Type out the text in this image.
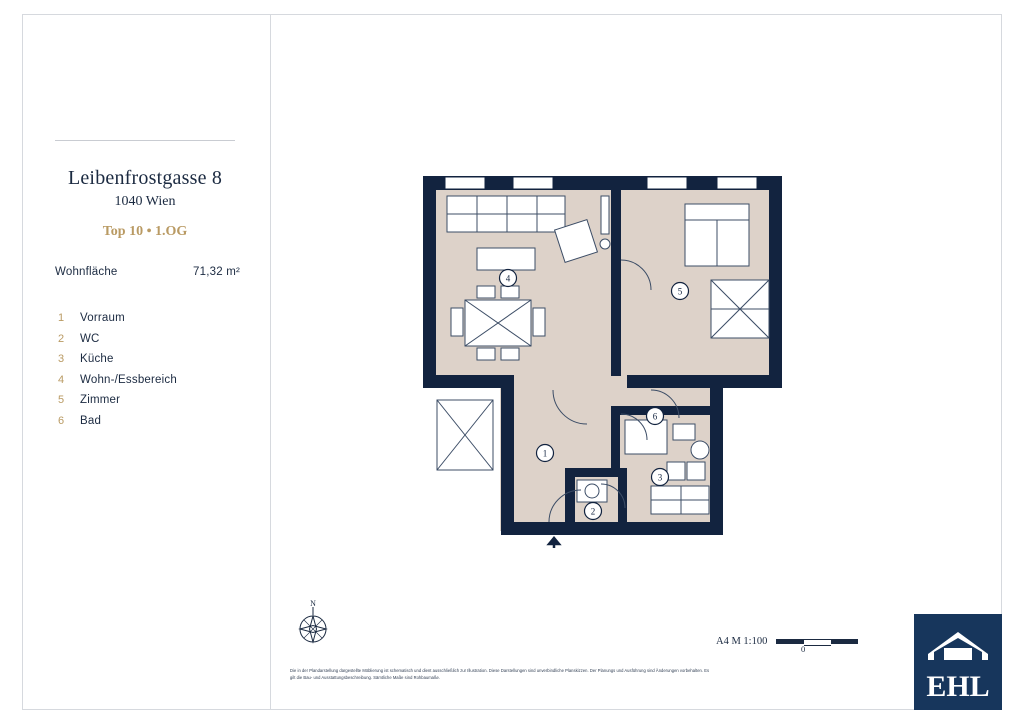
Leibenfrostgasse 8
1040 Wien
Top 10 • 1.OG
Wohnfläche	71,32 m²
1	Vorraum
2	WC
3	Küche
4	Wohn-/Essbereich
5	Zimmer
6	Bad
4
5
6
1
3
2
N
A4 M 1:100
0
Die in der Plandarstellung dargestellte Möblierung ist schematisch und dient ausschließlich zur Illustration. Diese Darstellungen sind unverbindliche Planskizzen. Der Planungs und Ausführung sind Änderungen vorbehalten. Es
gilt die Bau- und Ausstattungsbeschreibung. Sämtliche Maße sind Rohbaumaße.	EHL
